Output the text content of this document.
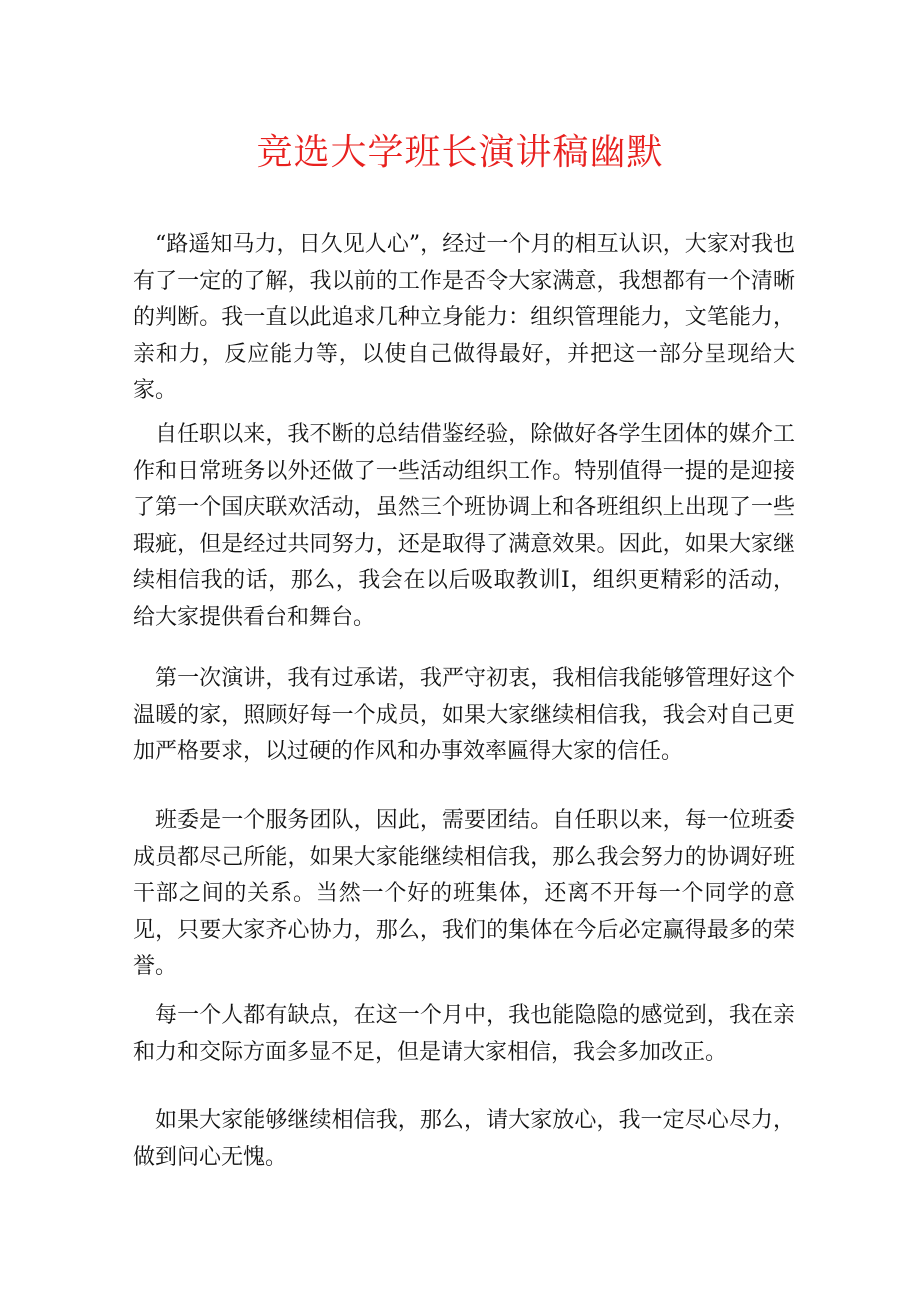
竞选大学班长演讲稿幽默

“路遥知马力，日久见人心”，经过一个月的相互认识，大家对我也有了一定的了解，我以前的工作是否令大家满意，我想都有一个清晰的判断。我一直以此追求几种立身能力：组织管理能力，文笔能力，亲和力，反应能力等，以使自己做得最好，并把这一部分呈现给大家。

自任职以来，我不断的总结借鉴经验，除做好各学生团体的媒介工作和日常班务以外还做了一些活动组织工作。特别值得一提的是迎接了第一个国庆联欢活动，虽然三个班协调上和各班组织上出现了一些瑕疵，但是经过共同努力，还是取得了满意效果。因此，如果大家继续相信我的话，那么，我会在以后吸取教训I，组织更精彩的活动，给大家提供看台和舞台。

第一次演讲，我有过承诺，我严守初衷，我相信我能够管理好这个温暖的家，照顾好每一个成员，如果大家继续相信我，我会对自己更加严格要求，以过硬的作风和办事效率匾得大家的信任。

班委是一个服务团队，因此，需要团结。自任职以来，每一位班委成员都尽己所能，如果大家能继续相信我，那么我会努力的协调好班干部之间的关系。当然一个好的班集体，还离不开每一个同学的意见，只要大家齐心协力，那么，我们的集体在今后必定赢得最多的荣誉。

每一个人都有缺点，在这一个月中，我也能隐隐的感觉到，我在亲和力和交际方面多显不足，但是请大家相信，我会多加改正。

如果大家能够继续相信我，那么，请大家放心，我一定尽心尽力，做到问心无愧。
